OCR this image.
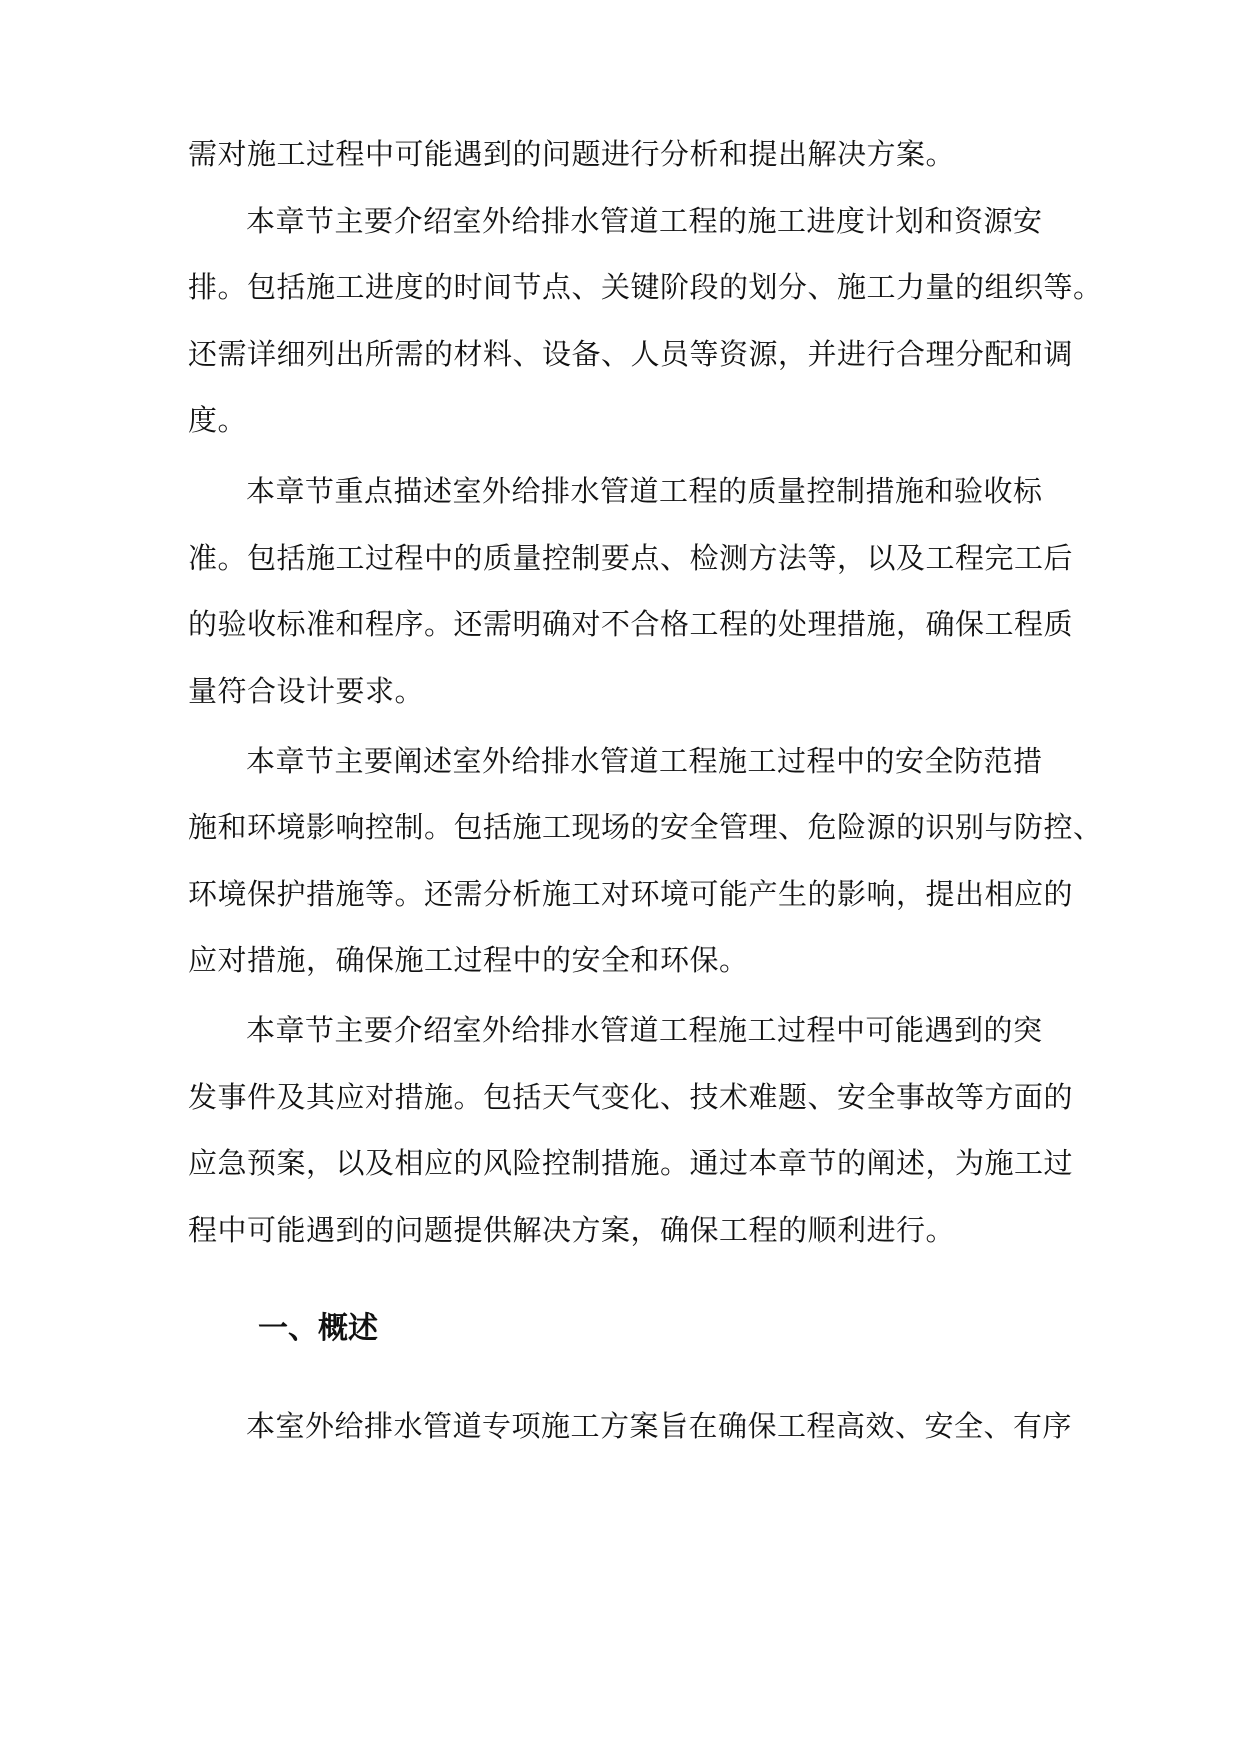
需对施工过程中可能遇到的问题进行分析和提出解决方案。
本章节主要介绍室外给排水管道工程的施工进度计划和资源安
排。包括施工进度的时间节点、关键阶段的划分、施工力量的组织等。
还需详细列出所需的材料、设备、人员等资源，并进行合理分配和调
度。
本章节重点描述室外给排水管道工程的质量控制措施和验收标
准。包括施工过程中的质量控制要点、检测方法等，以及工程完工后
的验收标准和程序。还需明确对不合格工程的处理措施，确保工程质
量符合设计要求。
本章节主要阐述室外给排水管道工程施工过程中的安全防范措
施和环境影响控制。包括施工现场的安全管理、危险源的识别与防控、
环境保护措施等。还需分析施工对环境可能产生的影响，提出相应的
应对措施，确保施工过程中的安全和环保。
本章节主要介绍室外给排水管道工程施工过程中可能遇到的突
发事件及其应对措施。包括天气变化、技术难题、安全事故等方面的
应急预案，以及相应的风险控制措施。通过本章节的阐述，为施工过
程中可能遇到的问题提供解决方案，确保工程的顺利进行。
一、概述
本室外给排水管道专项施工方案旨在确保工程高效、安全、有序
